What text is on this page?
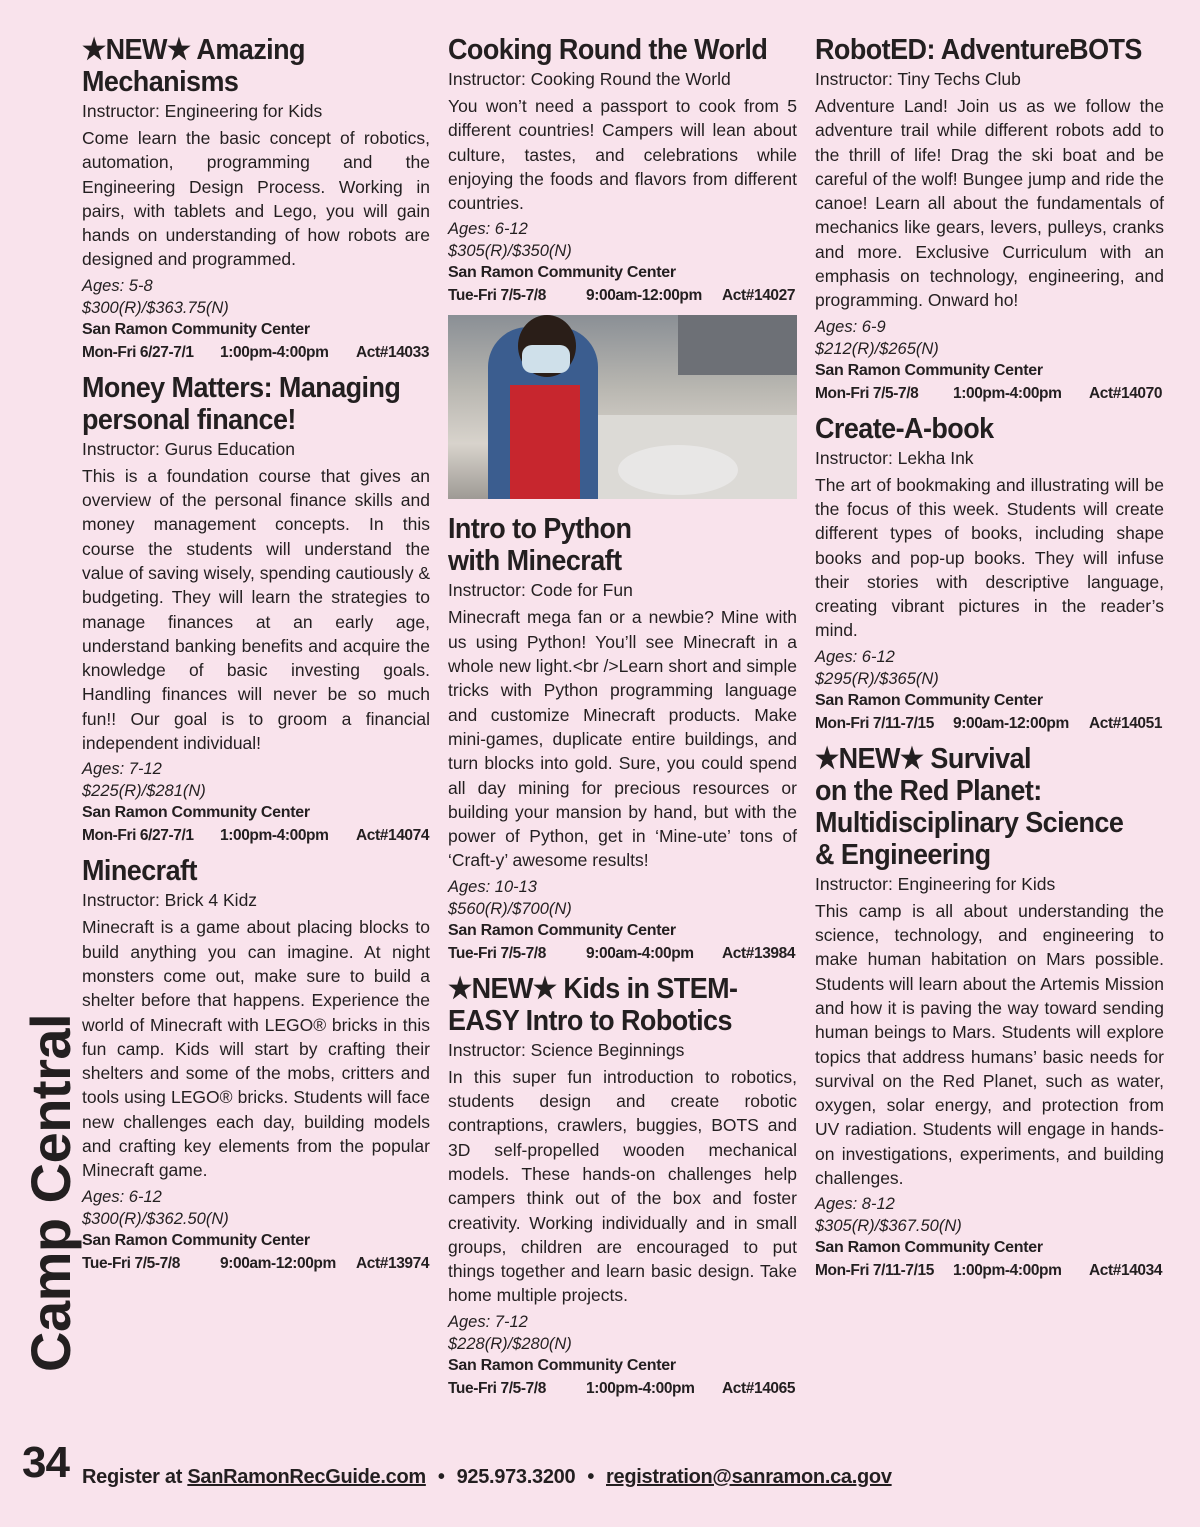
★NEW★ Amazing
Mechanisms
Instructor: Engineering for Kids
Come learn the basic concept of robotics, automation, programming and the Engineering Design Process. Working in pairs, with tablets and Lego, you will gain hands on understanding of how robots are designed and programmed.
Ages: 5-8
$300(R)/$363.75(N)
San Ramon Community Center
Mon-Fri 6/27-7/1	1:00pm-4:00pm	Act#14033
Money Matters: Managing
personal finance!
Instructor: Gurus Education
This is a foundation course that gives an overview of the personal finance skills and money management concepts. In this course the students will understand the value of saving wisely, spending cautiously & budgeting. They will learn the strategies to manage finances at an early age, understand banking benefits and acquire the knowledge of basic investing goals. Handling finances will never be so much fun!! Our goal is to groom a financial independent individual!
Ages: 7-12
$225(R)/$281(N)
San Ramon Community Center
Mon-Fri 6/27-7/1	1:00pm-4:00pm	Act#14074
Minecraft
Instructor: Brick 4 Kidz
Minecraft is a game about placing blocks to build anything you can imagine. At night monsters come out, make sure to build a shelter before that happens. Experience the world of Minecraft with LEGO® bricks in this fun camp. Kids will start by crafting their shelters and some of the mobs, critters and tools using LEGO® bricks. Students will face new challenges each day, building models and crafting key elements from the popular Minecraft game.
Ages: 6-12
$300(R)/$362.50(N)
San Ramon Community Center
Tue-Fri 7/5-7/8	9:00am-12:00pm	Act#13974
Cooking Round the World
Instructor: Cooking Round the World
You won’t need a passport to cook from 5 different countries! Campers will lean about culture, tastes, and celebrations while enjoying the foods and flavors from different countries.
Ages: 6-12
$305(R)/$350(N)
San Ramon Community Center
Tue-Fri 7/5-7/8	9:00am-12:00pm	Act#14027
Intro to Python
with Minecraft
Instructor: Code for Fun
Minecraft mega fan or a newbie? Mine with us using Python! You’ll see Minecraft in a whole new light.<br />Learn short and simple tricks with Python programming language and customize Minecraft products. Make mini-games, duplicate entire buildings, and turn blocks into gold. Sure, you could spend all day mining for precious resources or building your mansion by hand, but with the power of Python, get in ‘Mine-ute’ tons of ‘Craft-y’ awesome results!
Ages: 10-13
$560(R)/$700(N)
San Ramon Community Center
Tue-Fri 7/5-7/8	9:00am-4:00pm	Act#13984
★NEW★ Kids in STEM-
EASY Intro to Robotics
Instructor: Science Beginnings
In this super fun introduction to robotics, students design and create robotic contraptions, crawlers, buggies, BOTS and 3D self-propelled wooden mechanical models. These hands-on challenges help campers think out of the box and foster creativity. Working individually and in small groups, children are encouraged to put things together and learn basic design. Take home multiple projects.
Ages: 7-12
$228(R)/$280(N)
San Ramon Community Center
Tue-Fri 7/5-7/8	1:00pm-4:00pm	Act#14065
RobotED: AdventureBOTS
Instructor: Tiny Techs Club
Adventure Land! Join us as we follow the adventure trail while different robots add to the thrill of life! Drag the ski boat and be careful of the wolf! Bungee jump and ride the canoe! Learn all about the fundamentals of mechanics like gears, levers, pulleys, cranks and more. Exclusive Curriculum with an emphasis on technology, engineering, and programming. Onward ho!
Ages: 6-9
$212(R)/$265(N)
San Ramon Community Center
Mon-Fri 7/5-7/8	1:00pm-4:00pm	Act#14070
Create-A-book
Instructor: Lekha Ink
The art of bookmaking and illustrating will be the focus of this week. Students will create different types of books, including shape books and pop-up books. They will infuse their stories with descriptive language, creating vibrant pictures in the reader’s mind.
Ages: 6-12
$295(R)/$365(N)
San Ramon Community Center
Mon-Fri 7/11-7/15	9:00am-12:00pm	Act#14051
★NEW★ Survival
on the Red Planet:
Multidisciplinary Science
& Engineering
Instructor: Engineering for Kids
This camp is all about understanding the science, technology, and engineering to make human habitation on Mars possible. Students will learn about the Artemis Mission and how it is paving the way toward sending human beings to Mars. Students will explore topics that address humans’ basic needs for survival on the Red Planet, such as water, oxygen, solar energy, and protection from UV radiation. Students will engage in hands-on investigations, experiments, and building challenges.
Ages: 8-12
$305(R)/$367.50(N)
San Ramon Community Center
Mon-Fri 7/11-7/15	1:00pm-4:00pm	Act#14034
Camp Central
34 Register at SanRamonRecGuide.com • 925.973.3200 • registration@sanramon.ca.gov
